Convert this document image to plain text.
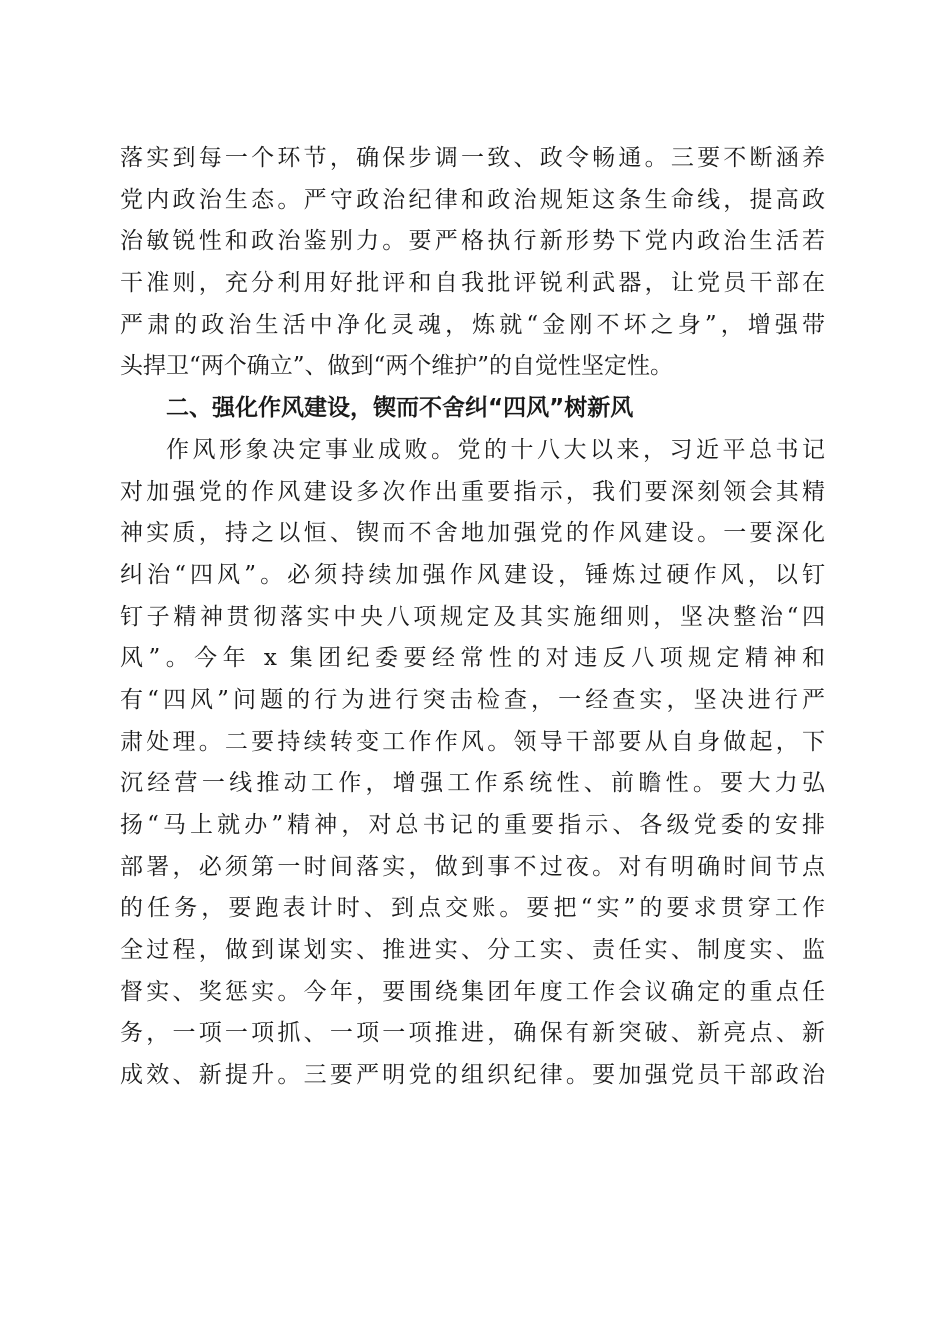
落实到每一个环节，确保步调一致、政令畅通。三要不断涵养
党内政治生态。严守政治纪律和政治规矩这条生命线，提高政
治敏锐性和政治鉴别力。要严格执行新形势下党内政治生活若
干准则，充分利用好批评和自我批评锐利武器，让党员干部在
严肃的政治生活中净化灵魂，炼就“金刚不坏之身”，增强带
头捍卫“两个确立”、做到“两个维护”的自觉性坚定性。
二、强化作风建设，锲而不舍纠“四风”树新风
作风形象决定事业成败。党的十八大以来，习近平总书记
对加强党的作风建设多次作出重要指示，我们要深刻领会其精
神实质，持之以恒、锲而不舍地加强党的作风建设。一要深化
纠治“四风”。必须持续加强作风建设，锤炼过硬作风，以钉
钉子精神贯彻落实中央八项规定及其实施细则，坚决整治“四
风”。今年 x 集团纪委要经常性的对违反八项规定精神和
有“四风”问题的行为进行突击检查，一经查实，坚决进行严
肃处理。二要持续转变工作作风。领导干部要从自身做起，下
沉经营一线推动工作，增强工作系统性、前瞻性。要大力弘
扬“马上就办”精神，对总书记的重要指示、各级党委的安排
部署，必须第一时间落实，做到事不过夜。对有明确时间节点
的任务，要跑表计时、到点交账。要把“实”的要求贯穿工作
全过程，做到谋划实、推进实、分工实、责任实、制度实、监
督实、奖惩实。今年，要围绕集团年度工作会议确定的重点任
务，一项一项抓、一项一项推进，确保有新突破、新亮点、新
成效、新提升。三要严明党的组织纪律。要加强党员干部政治
